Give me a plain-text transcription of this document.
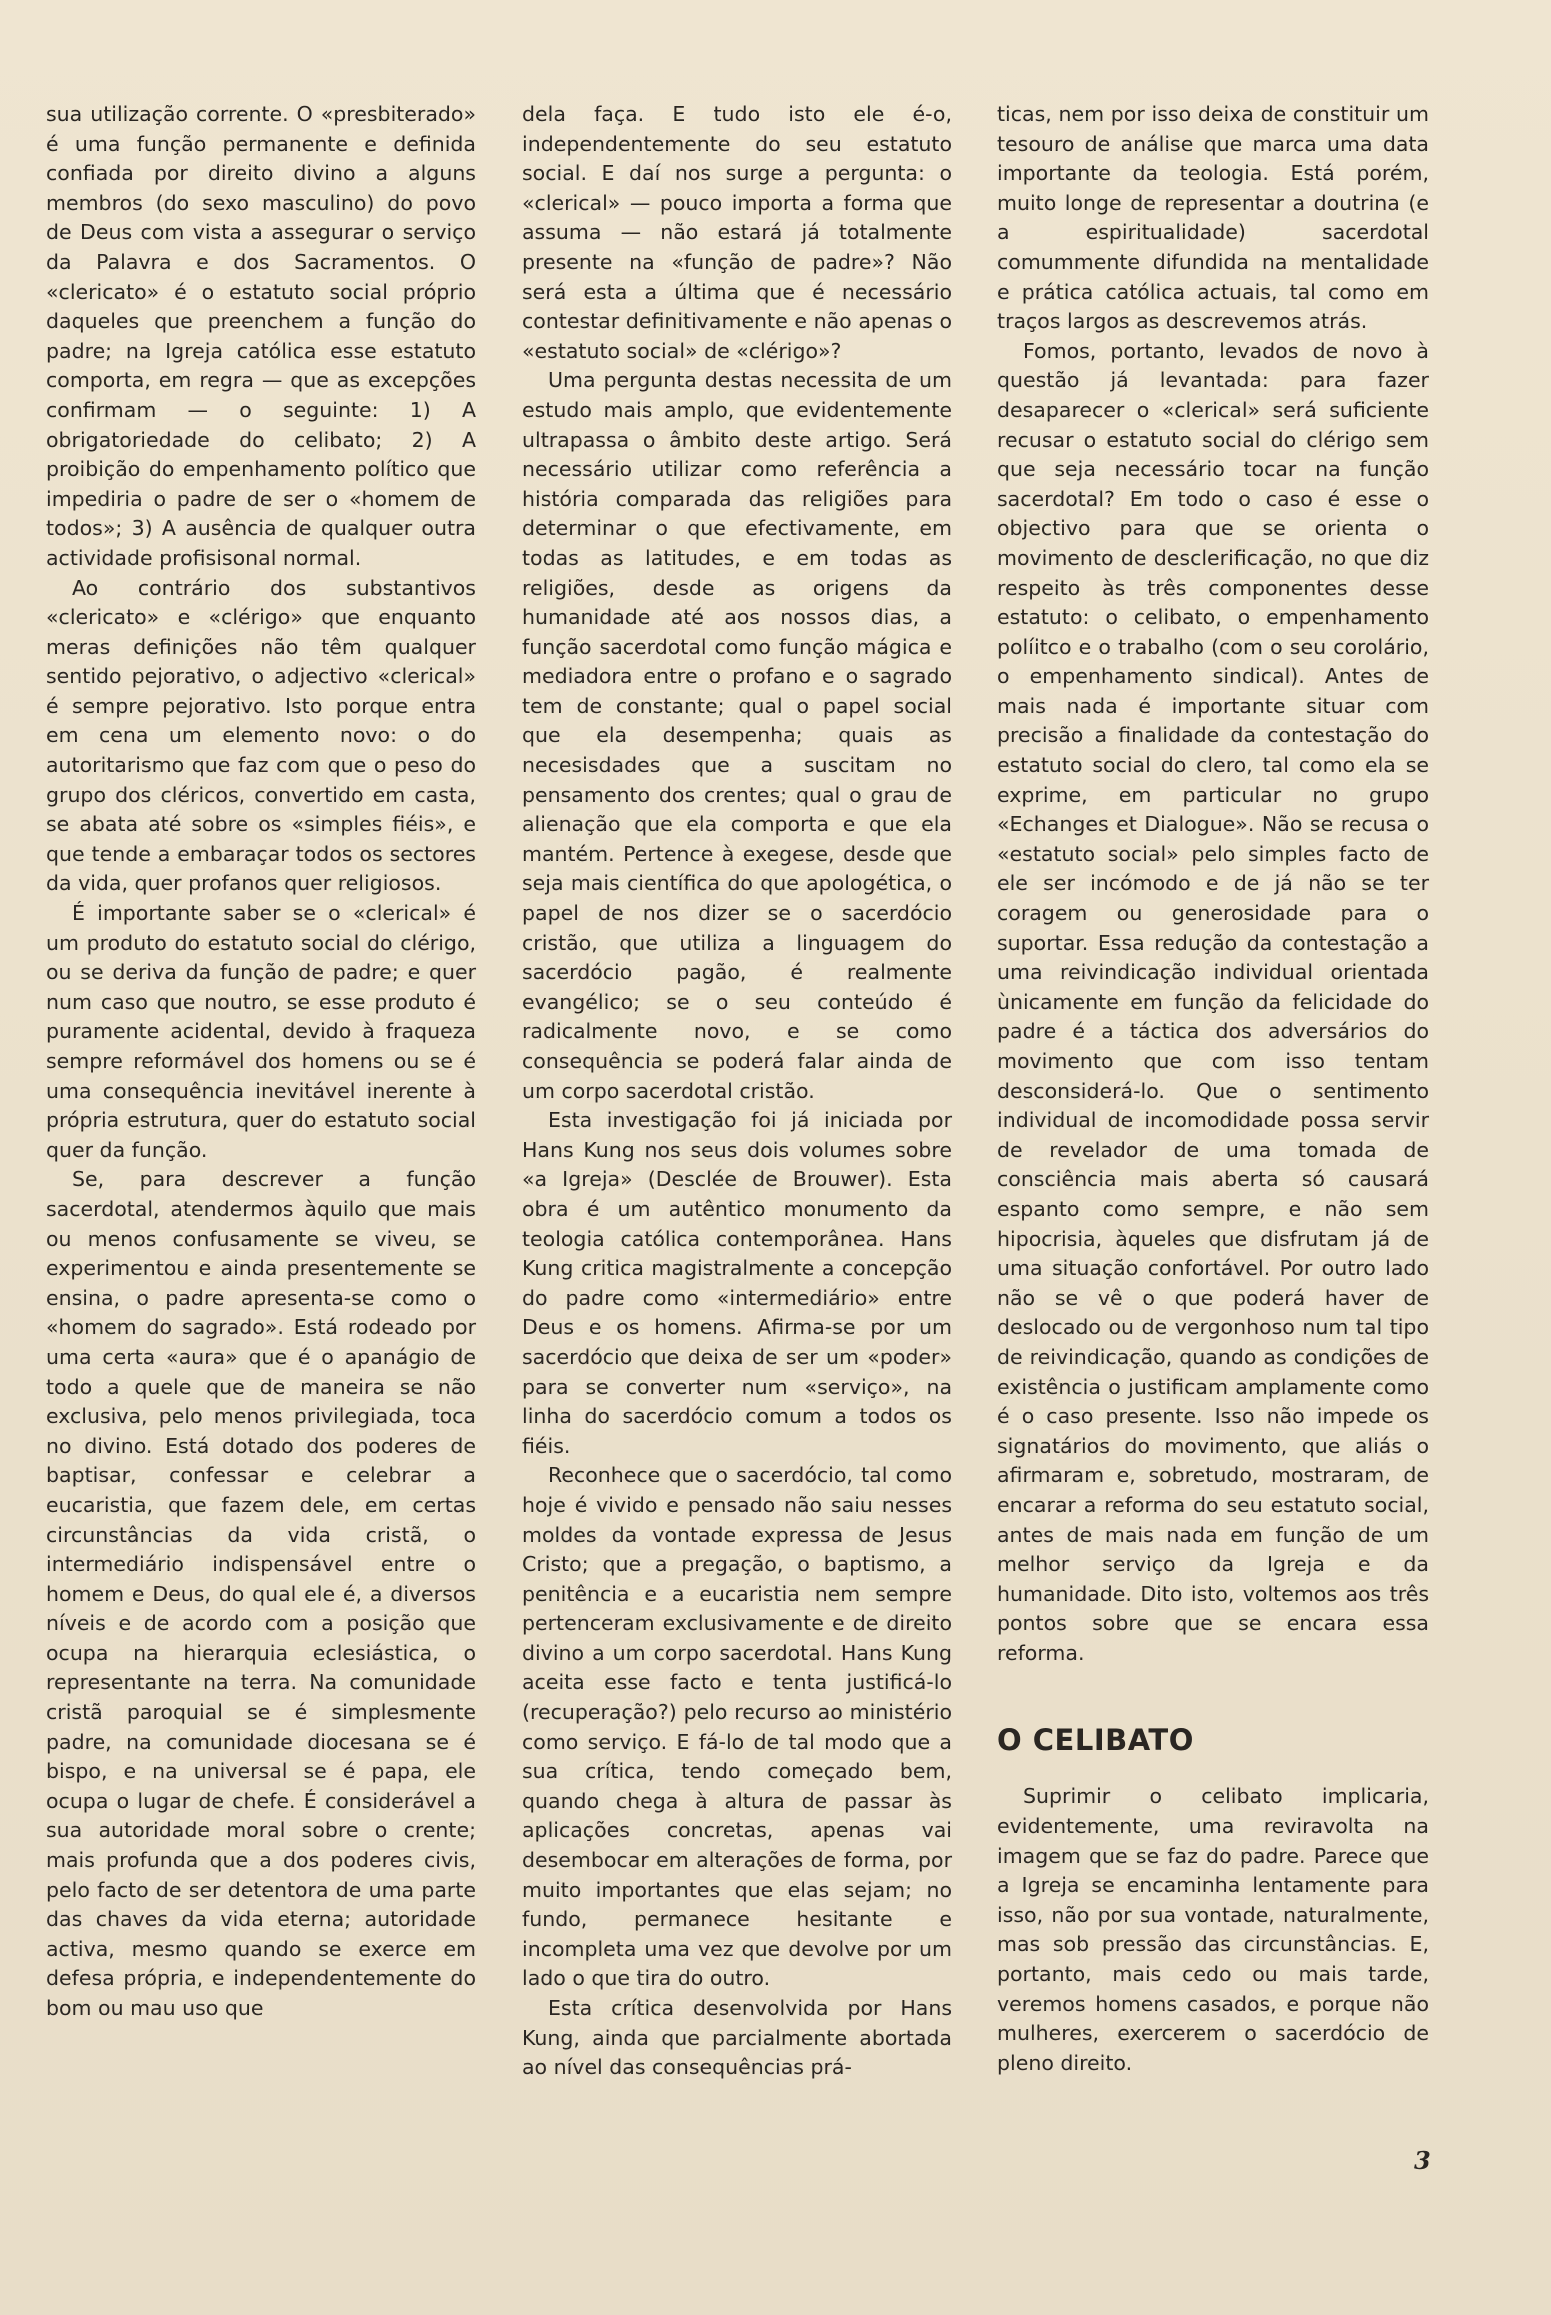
sua utilização corrente. O «presbiterado» é uma função permanente e definida confiada por direito divino a alguns membros (do sexo masculino) do povo de Deus com vista a assegurar o serviço da Palavra e dos Sacramentos. O «clericato» é o estatuto social próprio daqueles que preenchem a função do padre; na Igreja católica esse estatuto comporta, em regra — que as excepções confirmam — o seguinte: 1) A obrigatoriedade do celibato; 2) A proibição do empenhamento político que impediria o padre de ser o «homem de todos»; 3) A ausência de qualquer outra actividade profisisonal normal.

Ao contrário dos substantivos «clericato» e «clérigo» que enquanto meras definições não têm qualquer sentido pejorativo, o adjectivo «clerical» é sempre pejorativo. Isto porque entra em cena um elemento novo: o do autoritarismo que faz com que o peso do grupo dos cléricos, convertido em casta, se abata até sobre os «simples fiéis», e que tende a embaraçar todos os sectores da vida, quer profanos quer religiosos.

É importante saber se o «clerical» é um produto do estatuto social do clérigo, ou se deriva da função de padre; e quer num caso que noutro, se esse produto é puramente acidental, devido à fraqueza sempre reformável dos homens ou se é uma consequência inevitável inerente à própria estrutura, quer do estatuto social quer da função.

Se, para descrever a função sacerdotal, atendermos àquilo que mais ou menos confusamente se viveu, se experimentou e ainda presentemente se ensina, o padre apresenta-se como o «homem do sagrado». Está rodeado por uma certa «aura» que é o apanágio de todo a quele que de maneira se não exclusiva, pelo menos privilegiada, toca no divino. Está dotado dos poderes de baptisar, confessar e celebrar a eucaristia, que fazem dele, em certas circunstâncias da vida cristã, o intermediário indispensável entre o homem e Deus, do qual ele é, a diversos níveis e de acordo com a posição que ocupa na hierarquia eclesiástica, o representante na terra. Na comunidade cristã paroquial se é simplesmente padre, na comunidade diocesana se é bispo, e na universal se é papa, ele ocupa o lugar de chefe. É considerável a sua autoridade moral sobre o crente; mais profunda que a dos poderes civis, pelo facto de ser detentora de uma parte das chaves da vida eterna; autoridade activa, mesmo quando se exerce em defesa própria, e independentemente do bom ou mau uso que

dela faça. E tudo isto ele é-o, independentemente do seu estatuto social. E daí nos surge a pergunta: o «clerical» — pouco importa a forma que assuma — não estará já totalmente presente na «função de padre»? Não será esta a última que é necessário contestar definitivamente e não apenas o «estatuto social» de «clérigo»?

Uma pergunta destas necessita de um estudo mais amplo, que evidentemente ultrapassa o âmbito deste artigo. Será necessário utilizar como referência a história comparada das religiões para determinar o que efectivamente, em todas as latitudes, e em todas as religiões, desde as origens da humanidade até aos nossos dias, a função sacerdotal como função mágica e mediadora entre o profano e o sagrado tem de constante; qual o papel social que ela desempenha; quais as necesisdades que a suscitam no pensamento dos crentes; qual o grau de alienação que ela comporta e que ela mantém. Pertence à exegese, desde que seja mais científica do que apologética, o papel de nos dizer se o sacerdócio cristão, que utiliza a linguagem do sacerdócio pagão, é realmente evangélico; se o seu conteúdo é radicalmente novo, e se como consequência se poderá falar ainda de um corpo sacerdotal cristão.

Esta investigação foi já iniciada por Hans Kung nos seus dois volumes sobre «a Igreja» (Desclée de Brouwer). Esta obra é um autêntico monumento da teologia católica contemporânea. Hans Kung critica magistralmente a concepção do padre como «intermediário» entre Deus e os homens. Afirma-se por um sacerdócio que deixa de ser um «poder» para se converter num «serviço», na linha do sacerdócio comum a todos os fiéis.

Reconhece que o sacerdócio, tal como hoje é vivido e pensado não saiu nesses moldes da vontade expressa de Jesus Cristo; que a pregação, o baptismo, a penitência e a eucaristia nem sempre pertenceram exclusivamente e de direito divino a um corpo sacerdotal. Hans Kung aceita esse facto e tenta justificá-lo (recuperação?) pelo recurso ao ministério como serviço. E fá-lo de tal modo que a sua crítica, tendo começado bem, quando chega à altura de passar às aplicações concretas, apenas vai desembocar em alterações de forma, por muito importantes que elas sejam; no fundo, permanece hesitante e incompleta uma vez que devolve por um lado o que tira do outro.

Esta crítica desenvolvida por Hans Kung, ainda que parcialmente abortada ao nível das consequências prá-

ticas, nem por isso deixa de constituir um tesouro de análise que marca uma data importante da teologia. Está porém, muito longe de representar a doutrina (e a espiritualidade) sacerdotal comummente difundida na mentalidade e prática católica actuais, tal como em traços largos as descrevemos atrás.

Fomos, portanto, levados de novo à questão já levantada: para fazer desaparecer o «clerical» será suficiente recusar o estatuto social do clérigo sem que seja necessário tocar na função sacerdotal? Em todo o caso é esse o objectivo para que se orienta o movimento de desclerificação, no que diz respeito às três componentes desse estatuto: o celibato, o empenhamento políitco e o trabalho (com o seu corolário, o empenhamento sindical). Antes de mais nada é importante situar com precisão a finalidade da contestação do estatuto social do clero, tal como ela se exprime, em particular no grupo «Echanges et Dialogue». Não se recusa o «estatuto social» pelo simples facto de ele ser incómodo e de já não se ter coragem ou generosidade para o suportar. Essa redução da contestação a uma reivindicação individual orientada ùnicamente em função da felicidade do padre é a táctica dos adversários do movimento que com isso tentam desconsiderá-lo. Que o sentimento individual de incomodidade possa servir de revelador de uma tomada de consciência mais aberta só causará espanto como sempre, e não sem hipocrisia, àqueles que disfrutam já de uma situação confortável. Por outro lado não se vê o que poderá haver de deslocado ou de vergonhoso num tal tipo de reivindicação, quando as condições de existência o justificam amplamente como é o caso presente. Isso não impede os signatários do movimento, que aliás o afirmaram e, sobretudo, mostraram, de encarar a reforma do seu estatuto social, antes de mais nada em função de um melhor serviço da Igreja e da humanidade. Dito isto, voltemos aos três pontos sobre que se encara essa reforma.

O CELIBATO

Suprimir o celibato implicaria, evidentemente, uma reviravolta na imagem que se faz do padre. Parece que a Igreja se encaminha lentamente para isso, não por sua vontade, naturalmente, mas sob pressão das circunstâncias. E, portanto, mais cedo ou mais tarde, veremos homens casados, e porque não mulheres, exercerem o sacerdócio de pleno direito.

3
